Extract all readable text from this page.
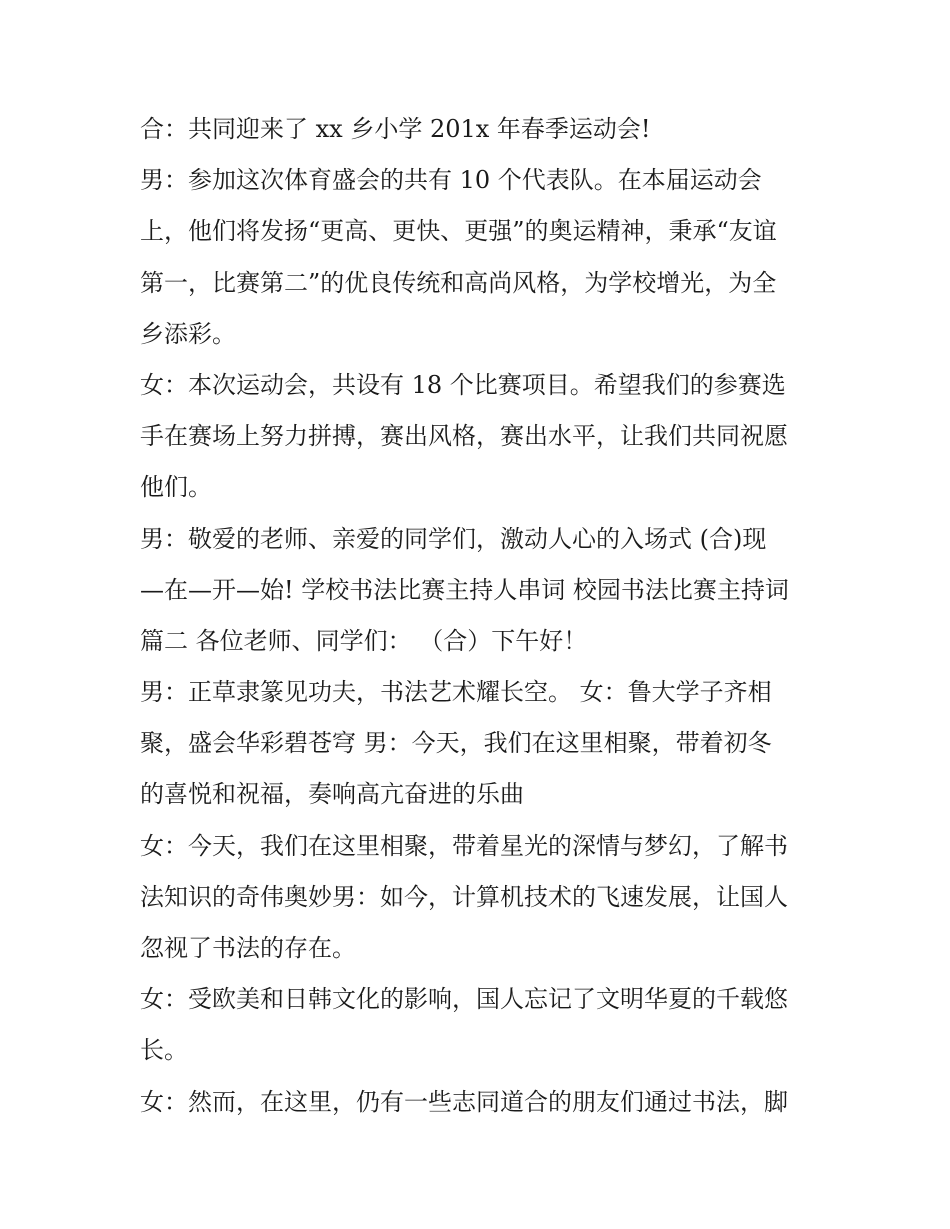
合：共同迎来了 xx 乡小学 201x 年春季运动会!
男：参加这次体育盛会的共有 10 个代表队。在本届运动会
上，他们将发扬“更高、更快、更强”的奥运精神，秉承“友谊
第一，比赛第二”的优良传统和高尚风格，为学校增光，为全
乡添彩。
女：本次运动会，共设有 18 个比赛项目。希望我们的参赛选
手在赛场上努力拼搏，赛出风格，赛出水平，让我们共同祝愿
他们。
男：敬爱的老师、亲爱的同学们，激动人心的入场式 (合)现
—在—开—始! 学校书法比赛主持人串词 校园书法比赛主持词
篇二 各位老师、同学们： （合）下午好！
男：正草隶篆见功夫，书法艺术耀长空。 女：鲁大学子齐相
聚，盛会华彩碧苍穹 男：今天，我们在这里相聚，带着初冬
的喜悦和祝福，奏响高亢奋进的乐曲
女：今天，我们在这里相聚，带着星光的深情与梦幻，了解书
法知识的奇伟奥妙男：如今，计算机技术的飞速发展，让国人
忽视了书法的存在。
女：受欧美和日韩文化的影响，国人忘记了文明华夏的千载悠
长。
女：然而，在这里，仍有一些志同道合的朋友们通过书法，脚
